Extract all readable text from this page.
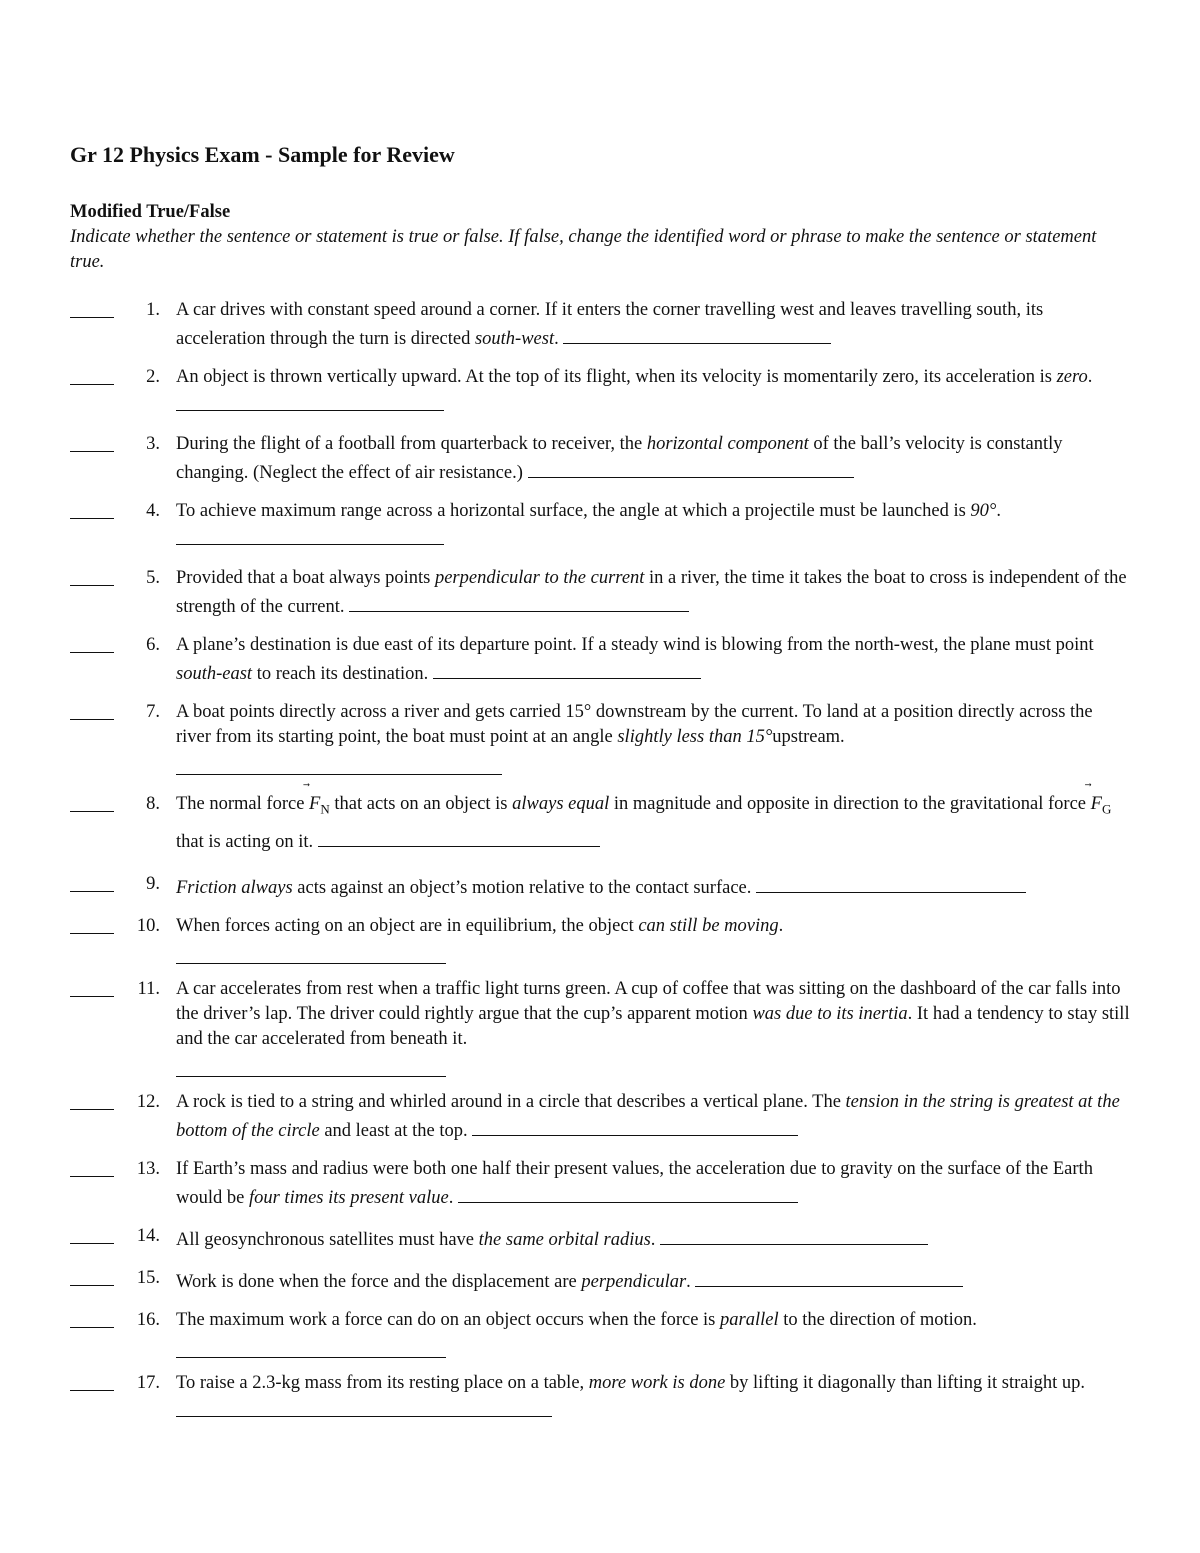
Gr 12 Physics Exam - Sample for Review
Modified True/False
Indicate whether the sentence or statement is true or false. If false, change the identified word or phrase to make the sentence or statement true.
1. A car drives with constant speed around a corner. If it enters the corner travelling west and leaves travelling south, its acceleration through the turn is directed south-west.
2. An object is thrown vertically upward. At the top of its flight, when its velocity is momentarily zero, its acceleration is zero.
3. During the flight of a football from quarterback to receiver, the horizontal component of the ball’s velocity is constantly changing. (Neglect the effect of air resistance.)
4. To achieve maximum range across a horizontal surface, the angle at which a projectile must be launched is 90°.
5. Provided that a boat always points perpendicular to the current in a river, the time it takes the boat to cross is independent of the strength of the current.
6. A plane’s destination is due east of its departure point. If a steady wind is blowing from the north-west, the plane must point south-east to reach its destination.
7. A boat points directly across a river and gets carried 15° downstream by the current. To land at a position directly across the river from its starting point, the boat must point at an angle slightly less than 15°upstream.
8. The normal force
$F_N$ that acts on an object is always equal in magnitude and opposite in direction to the gravitational force
$F_G$ that is acting on it.
9. Friction always acts against an object’s motion relative to the contact surface.
10. When forces acting on an object are in equilibrium, the object can still be moving.
11. A car accelerates from rest when a traffic light turns green. A cup of coffee that was sitting on the dashboard of the car falls into the driver’s lap. The driver could rightly argue that the cup’s apparent motion was due to its inertia. It had a tendency to stay still and the car accelerated from beneath it.
12. A rock is tied to a string and whirled around in a circle that describes a vertical plane. The tension in the string is greatest at the bottom of the circle and least at the top.
13. If Earth’s mass and radius were both one half their present values, the acceleration due to gravity on the surface of the Earth would be four times its present value.
14. All geosynchronous satellites must have the same orbital radius.
15. Work is done when the force and the displacement are perpendicular.
16. The maximum work a force can do on an object occurs when the force is parallel to the direction of motion.
17. To raise a 2.3-kg mass from its resting place on a table, more work is done by lifting it diagonally than lifting it straight up.
